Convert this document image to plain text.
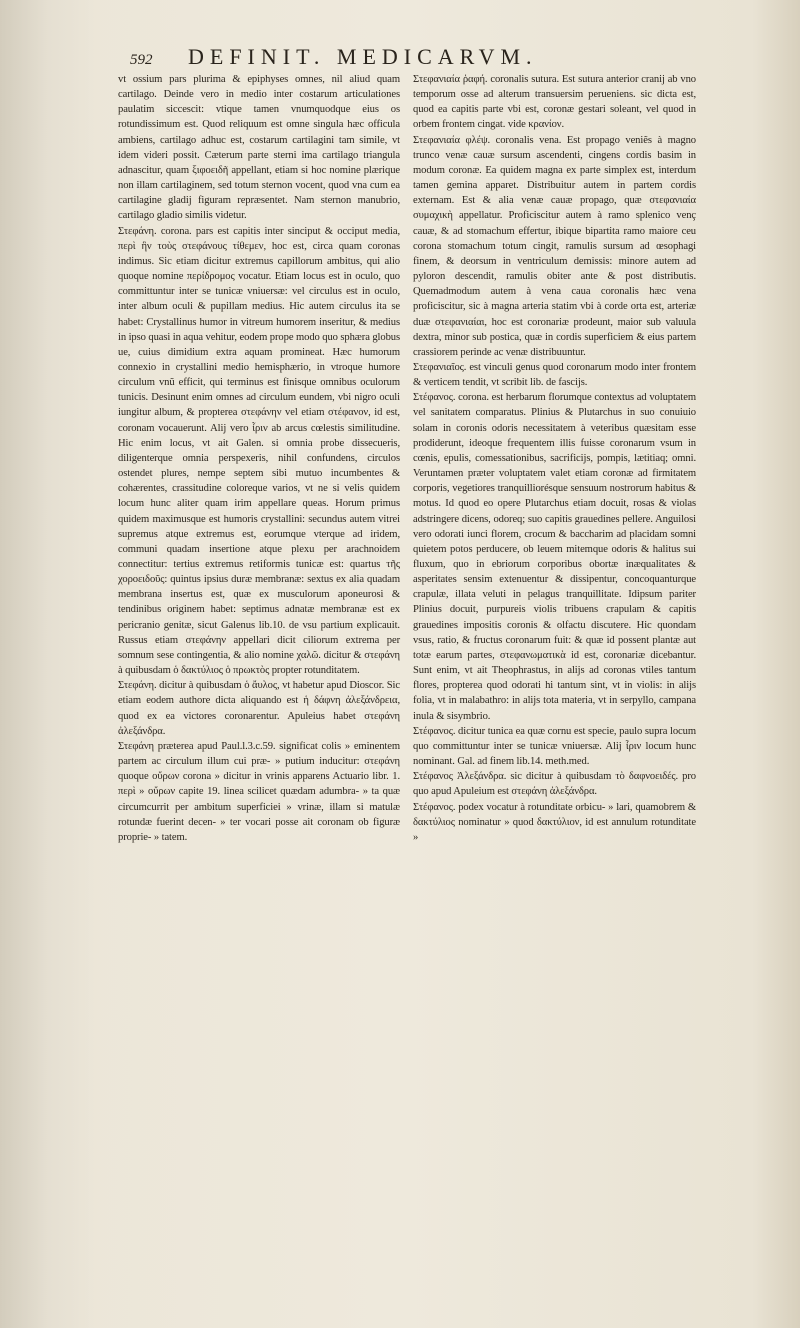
592	DEFINIT. MEDICARVM.

vt ossium pars plurima & epiphyses omnes, nil aliud quam cartilago. Deinde vero in medio inter costarum articulationes paulatim siccescit: vtique tamen vnumquodque eius os rotundissimum est. Quod reliquum est omne singula hæc officula ambiens, cartilago adhuc est, costarum cartilagini tam simile, vt idem videri possit. Cæterum parte sterni ima cartilago triangula adnascitur, quam ξιφοειδῆ appellant, etiam si hoc nomine plærique non illam cartilaginem, sed totum sternon vocent, quod vna cum ea cartilagine gladij figuram repræsentet. Nam sternon manubrio, cartilago gladio similis videtur.

Στεφάνη. corona. pars est capitis inter sinciput & occiput media, περὶ ἣν τοὺς στεφάνους τίθεμεν, hoc est, circa quam coronas indimus. Sic etiam dicitur extremus capillorum ambitus, qui alio quoque nomine περίδρομος vocatur. Etiam locus est in oculo, quo committuntur inter se tunicæ vniuersæ: vel circulus est in oculo, inter album oculi & pupillam medius. Hic autem circulus ita se habet: Crystallinus humor in vitreum humorem inseritur, & medius in ipso quasi in aqua vehitur, eodem prope modo quo sphæra globus ue, cuius dimidium extra aquam promineat. Hæc humorum connexio in crystallini medio hemisphærio, in vtroque humore circulum vnũ efficit, qui terminus est finisque omnibus oculorum tunicis. Desinunt enim omnes ad circulum eundem, vbi nigro oculi iungitur album, & propterea στεφάνην vel etiam στέφανον, id est, coronam vocauerunt. Alij vero ἶριν ab arcus cœlestis similitudine. Hic enim locus, vt ait Galen. si omnia probe dissecueris, diligenterque omnia perspexeris, nihil confundens, circulos ostendet plures, nempe septem sibi mutuo incumbentes & cohærentes, crassitudine coloreque varios, vt ne si velis quidem locum hunc aliter quam irim appellare queas. Horum primus quidem maximusque est humoris crystallini: secundus autem vitrei supremus atque extremus est, eorumque vterque ad iridem, communi quadam insertione atque plexu per arachnoidem connectitur: tertius extremus retiformis tunicæ est: quartus τῆς χοροειδοῦς: quintus ipsius duræ membranæ: sextus ex alia quadam membrana insertus est, quæ ex musculorum aponeurosi & tendinibus originem habet: septimus adnatæ membranæ est ex pericranio genitæ, sicut Galenus lib.10. de vsu partium explicauit. Russus etiam στεφάνην appellari dicit ciliorum extrema per somnum sese contingentia, & alio nomine χαλῶ. dicitur & στεφάνη à quibusdam ὁ δακτύλιος ὁ πρωκτὸς propter rotunditatem.

Στεφάνη. dicitur à quibusdam ὁ ἄυλος, vt habetur apud Dioscor. Sic etiam eodem authore dicta aliquando est ἡ δάφνη ἀλεξάνδρεια, quod ex ea victores coronarentur. Apuleius habet στεφάνη ἀλεξάνδρα.

Στεφάνη præterea apud Paul.l.3.c.59. significat colis » eminentem partem ac circulum illum cui præ- » putium inducitur: στεφάνη quoque οὔρων corona » dicitur in vrinis apparens Actuario libr. 1. περὶ » οὔρων capite 19. linea scilicet quædam adumbra- » ta quæ circumcurrit per ambitum superficiei » vrinæ, illam si matulæ rotundæ fuerint decen- » ter vocari posse ait coronam ob figuræ proprie- » tatem.

Στεφανιαία ῥαφή. coronalis sutura. Est sutura anterior cranij ab vno temporum osse ad alterum transuersim perueniens. sic dicta est, quod ea capitis parte vbi est, coronæ gestari soleant, vel quod in orbem frontem cingat. vide κρανίον.

Στεφανιαία φλέψ. coronalis vena. Est propago veniẽs à magno trunco venæ cauæ sursum ascendenti, cingens cordis basim in modum coronæ. Ea quidem magna ex parte simplex est, interdum tamen gemina apparet. Distribuitur autem in partem cordis externam. Est & alia venæ cauæ propago, quæ στεφανιαία συμαχικὴ appellatur. Proficiscitur autem à ramo splenico venç cauæ, & ad stomachum effertur, ibique bipartita ramo maiore ceu corona stomachum totum cingit, ramulis sursum ad œsophagi finem, & deorsum in ventriculum demissis: minore autem ad pyloron descendit, ramulis obiter ante & post distributis. Quemadmodum autem à vena caua coronalis hæc vena proficiscitur, sic à magna arteria statim vbi à corde orta est, arteriæ duæ στεφανιαίαι, hoc est coronariæ prodeunt, maior sub valuula dextra, minor sub postica, quæ in cordis superficiem & eius partem crassiorem perinde ac venæ distribuuntur.

Στεφανιαῖος. est vinculi genus quod coronarum modo inter frontem & verticem tendit, vt scribit lib. de fascijs.

Στέφανος. corona. est herbarum florumque contextus ad voluptatem vel sanitatem comparatus. Plinius & Plutarchus in suo conuiuio solam in coronis odoris necessitatem à veteribus quæsitam esse prodiderunt, ideoque frequentem illis fuisse coronarum vsum in cœnis, epulis, comessationibus, sacrificijs, pompis, lætitiaq; omni. Veruntamen præter voluptatem valet etiam coronæ ad firmitatem corporis, vegetiores tranquilliorésque sensuum nostrorum habitus & motus. Id quod eo opere Plutarchus etiam docuit, rosas & violas adstringere dicens, odoreq; suo capitis grauedines pellere. Anguilosi vero odorati iunci florem, crocum & baccharim ad placidam somni quietem potos perducere, ob leuem mitemque odoris & halitus sui fluxum, quo in ebriorum corporibus obortæ inæqualitates & asperitates sensim extenuentur & dissipentur, concoquanturque crapulæ, illata veluti in pelagus tranquillitate. Idipsum pariter Plinius docuit, purpureis violis tribuens crapulam & capitis grauedines impositis coronis & olfactu discutere. Hic quondam vsus, ratio, & fructus coronarum fuit: & quæ id possent plantæ aut totæ earum partes, στεφανωματικὰ id est, coronariæ dicebantur. Sunt enim, vt ait Theophrastus, in alijs ad coronas vtiles tantum flores, propterea quod odorati hi tantum sint, vt in violis: in alijs folia, vt in malabathro: in alijs tota materia, vt in serpyllo, campana inula & sisymbrio.

Στέφανος. dicitur tunica ea quæ cornu est specie, paulo supra locum quo committuntur inter se tunicæ vniuersæ. Alij ἶριν locum hunc nominant. Gal. ad finem lib.14. meth.med.

Στέφανος Ἀλεξάνδρα. sic dicitur à quibusdam τὸ δαφνοειδές. pro quo apud Apuleium est στεφάνη ἀλεξάνδρα.

Στέφανος. podex vocatur à rotunditate orbicu- » lari, quamobrem & δακτύλιος nominatur » quod δακτύλιον, id est annulum rotunditate »
